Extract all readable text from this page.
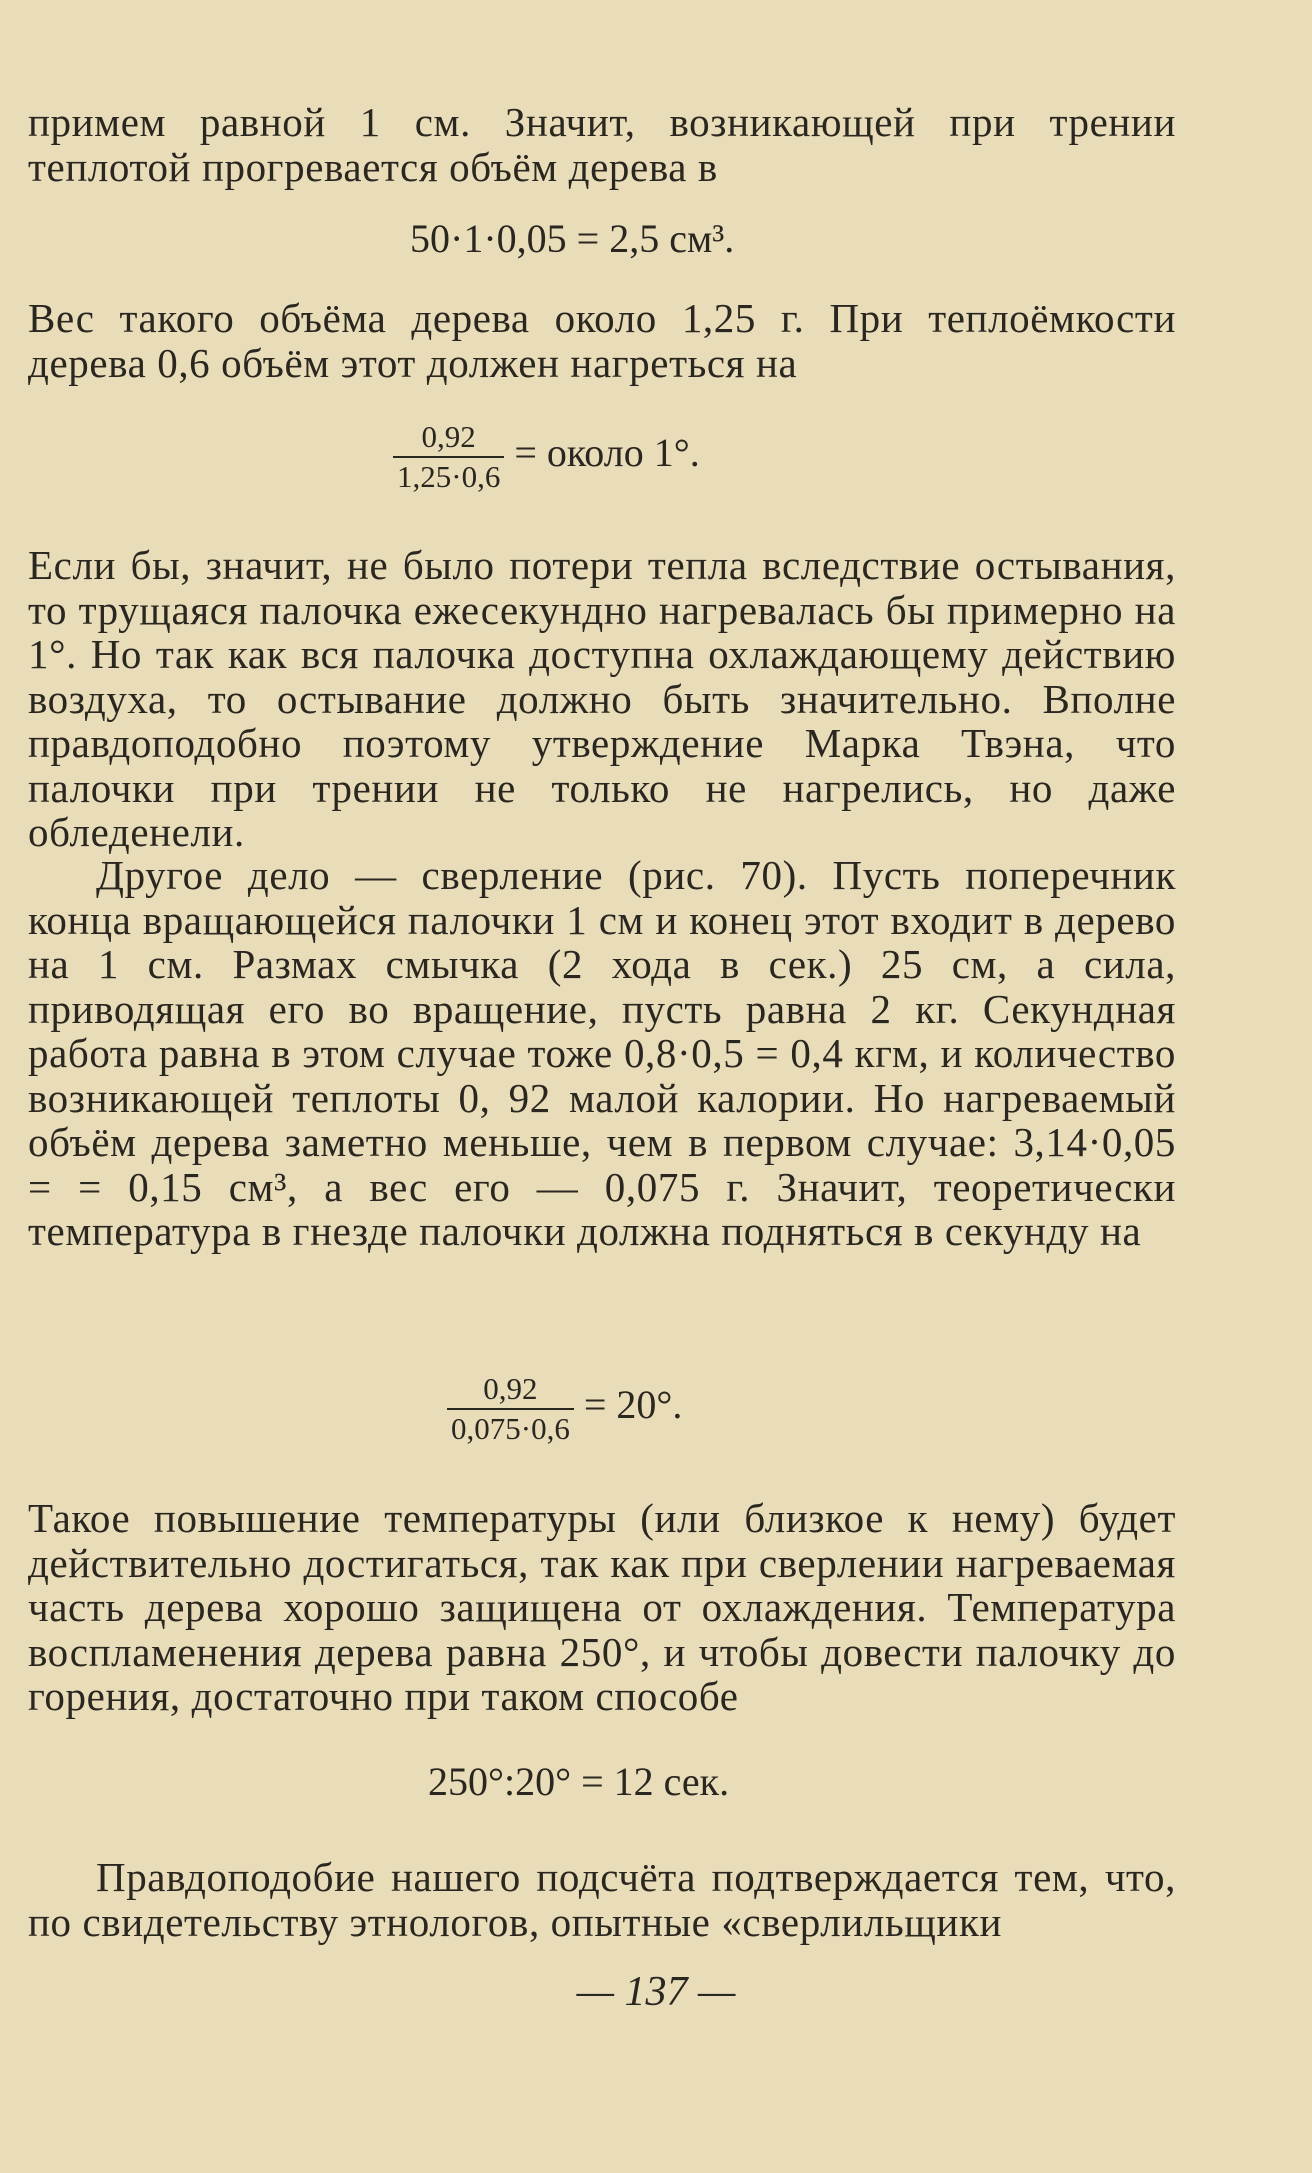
примем равной 1 см. Значит, возникающей при трении теплотой прогревается объём дерева в

50·1·0,05 = 2,5 см³.

Вес такого объёма дерева около 1,25 г. При теплоёмкости дерева 0,6 объём этот должен нагреться на

$\frac{0,92}{1,25\cdot 0,6}$ = около 1°.

Если бы, значит, не было потери тепла вследствие остывания, то трущаяся палочка ежесекундно нагревалась бы примерно на 1°. Но так как вся палочка доступна охлаждающему действию воздуха, то остывание должно быть значительно. Вполне правдоподобно поэтому утверждение Марка Твэна, что палочки при трении не только не нагрелись, но даже обледенели.

Другое дело — сверление (рис. 70). Пусть поперечник конца вращающейся палочки 1 см и конец этот входит в дерево на 1 см. Размах смычка (2 хода в сек.) 25 см, а сила, приводящая его во вращение, пусть равна 2 кг. Секундная работа равна в этом случае тоже 0,8·0,5 = 0,4 кгм, и количество возникающей теплоты 0, 92 малой калории. Но нагреваемый объём дерева заметно меньше, чем в первом случае: 3,14·0,05 = = 0,15 см³, а вес его — 0,075 г. Значит, теоретически температура в гнезде палочки должна подняться в секунду на

$\frac{0,92}{0,075\cdot 0,6} = 20^\circ$.

Такое повышение температуры (или близкое к нему) будет действительно достигаться, так как при сверлении нагреваемая часть дерева хорошо защищена от охлаждения. Температура воспламенения дерева равна 250°, и чтобы довести палочку до горения, достаточно при таком способе

250°:20° = 12 сек.

Правдоподобие нашего подсчёта подтверждается тем, что, по свидетельству этнологов, опытные «сверлильщики

— 137 —
